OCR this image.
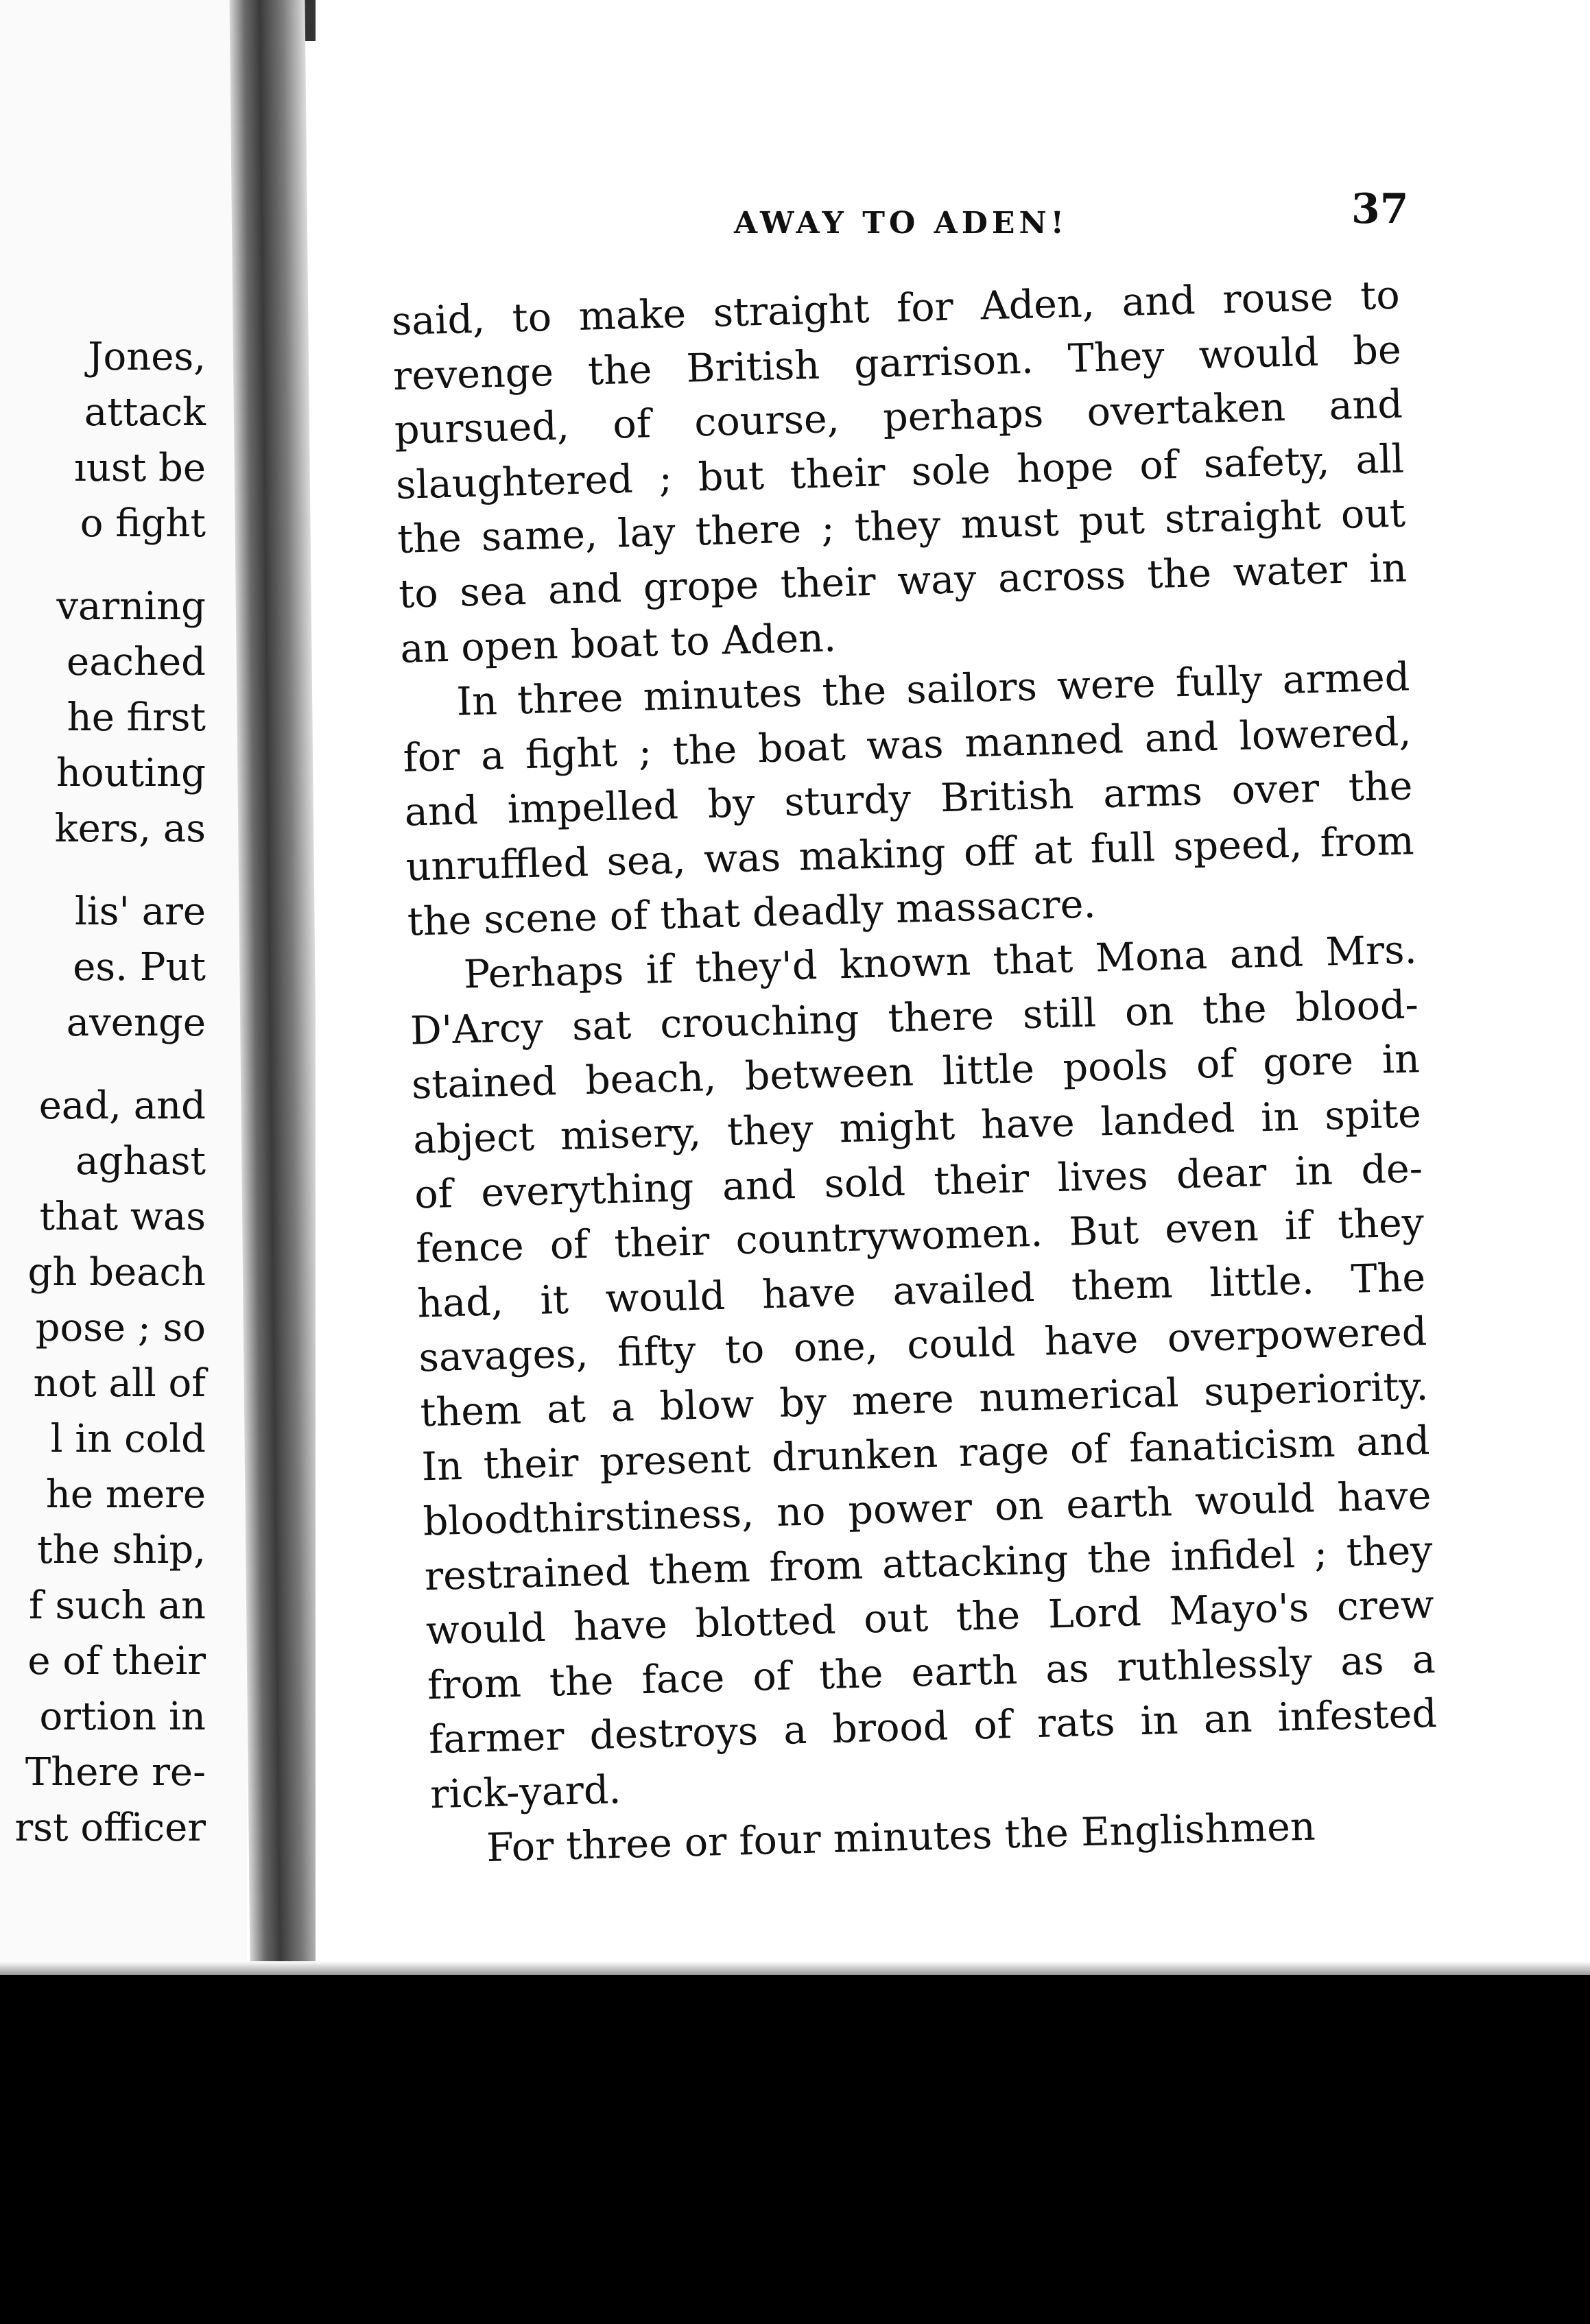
Jones,
attack
ıust be
o fight
varning
eached
he first
houting
kers, as
lis' are
es. Put
avenge
ead, and
aghast
that was
gh beach
pose ; so
not all of
l in cold
he mere
the ship,
f such an
e of their
ortion in
There re-
rst officer
AWAY TO ADEN!	37
said, to make straight for Aden, and rouse to
revenge the British garrison. They would be
pursued, of course, perhaps overtaken and
slaughtered ; but their sole hope of safety, all
the same, lay there ; they must put straight out
to sea and grope their way across the water in
an open boat to Aden.
In three minutes the sailors were fully armed
for a fight ; the boat was manned and lowered,
and impelled by sturdy British arms over the
unruffled sea, was making off at full speed, from
the scene of that deadly massacre.
Perhaps if they'd known that Mona and Mrs.
D'Arcy sat crouching there still on the blood-
stained beach, between little pools of gore in
abject misery, they might have landed in spite
of everything and sold their lives dear in de-
fence of their countrywomen. But even if they
had, it would have availed them little. The
savages, fifty to one, could have overpowered
them at a blow by mere numerical superiority.
In their present drunken rage of fanaticism and
bloodthirstiness, no power on earth would have
restrained them from attacking the infidel ; they
would have blotted out the Lord Mayo's crew
from the face of the earth as ruthlessly as a
farmer destroys a brood of rats in an infested
rick-yard.
For three or four minutes the Englishmen
